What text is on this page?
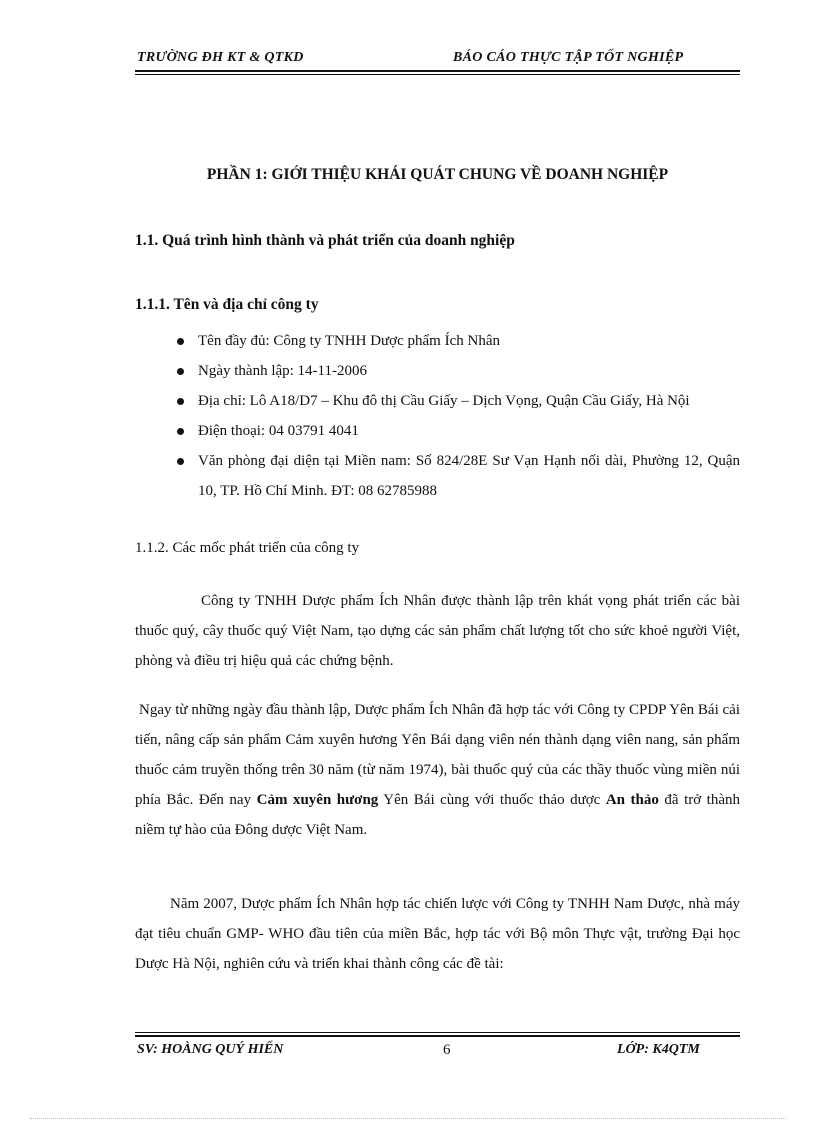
TRƯỜNG ĐH KT & QTKD	BÁO CÁO THỰC TẬP TỐT NGHIỆP
PHẦN 1: GIỚI THIỆU KHÁI QUÁT CHUNG VỀ DOANH NGHIỆP
1.1. Quá trình hình thành và phát triển của doanh nghiệp
1.1.1. Tên và địa chỉ công ty
Tên đầy đủ: Công ty TNHH Dược phẩm Ích Nhân
Ngày thành lập: 14-11-2006
Địa chỉ: Lô A18/D7 – Khu đô thị Cầu Giấy – Dịch Vọng, Quận Cầu Giấy, Hà Nội
Điện thoại: 04 03791 4041
Văn phòng đại diện tại Miền nam: Số 824/28E Sư Vạn Hạnh nối dài, Phường 12, Quận 10, TP. Hồ Chí Minh. ĐT: 08 62785988
1.1.2. Các mốc phát triển của công ty

Công ty TNHH Dược phẩm Ích Nhân được thành lập trên khát vọng phát triển các bài thuốc quý, cây thuốc quý Việt Nam, tạo dựng các sản phẩm chất lượng tốt cho sức khoẻ người Việt, phòng và điều trị hiệu quả các chứng bệnh.

Ngay từ những ngày đầu thành lập, Dược phẩm Ích Nhân đã hợp tác với Công ty CPDP Yên Bái cải tiến, nâng cấp sản phẩm Cảm xuyên hương Yên Bái dạng viên nén thành dạng viên nang, sản phẩm thuốc cảm truyền thống trên 30 năm (từ năm 1974), bài thuốc quý của các thầy thuốc vùng miền núi phía Bắc. Đến nay Cảm xuyên hương Yên Bái cùng với thuốc thảo dược An thảo đã trở thành niềm tự hào của Đông dược Việt Nam.

Năm 2007, Dược phẩm Ích Nhân hợp tác chiến lược với Công ty TNHH Nam Dược, nhà máy đạt tiêu chuẩn GMP- WHO đầu tiên của miền Bắc, hợp tác với Bộ môn Thực vật, trường Đại học Dược Hà Nội, nghiên cứu và triển khai thành công các đề tài:

SV: HOÀNG QUÝ HIỂN	6	LỚP: K4QTM
